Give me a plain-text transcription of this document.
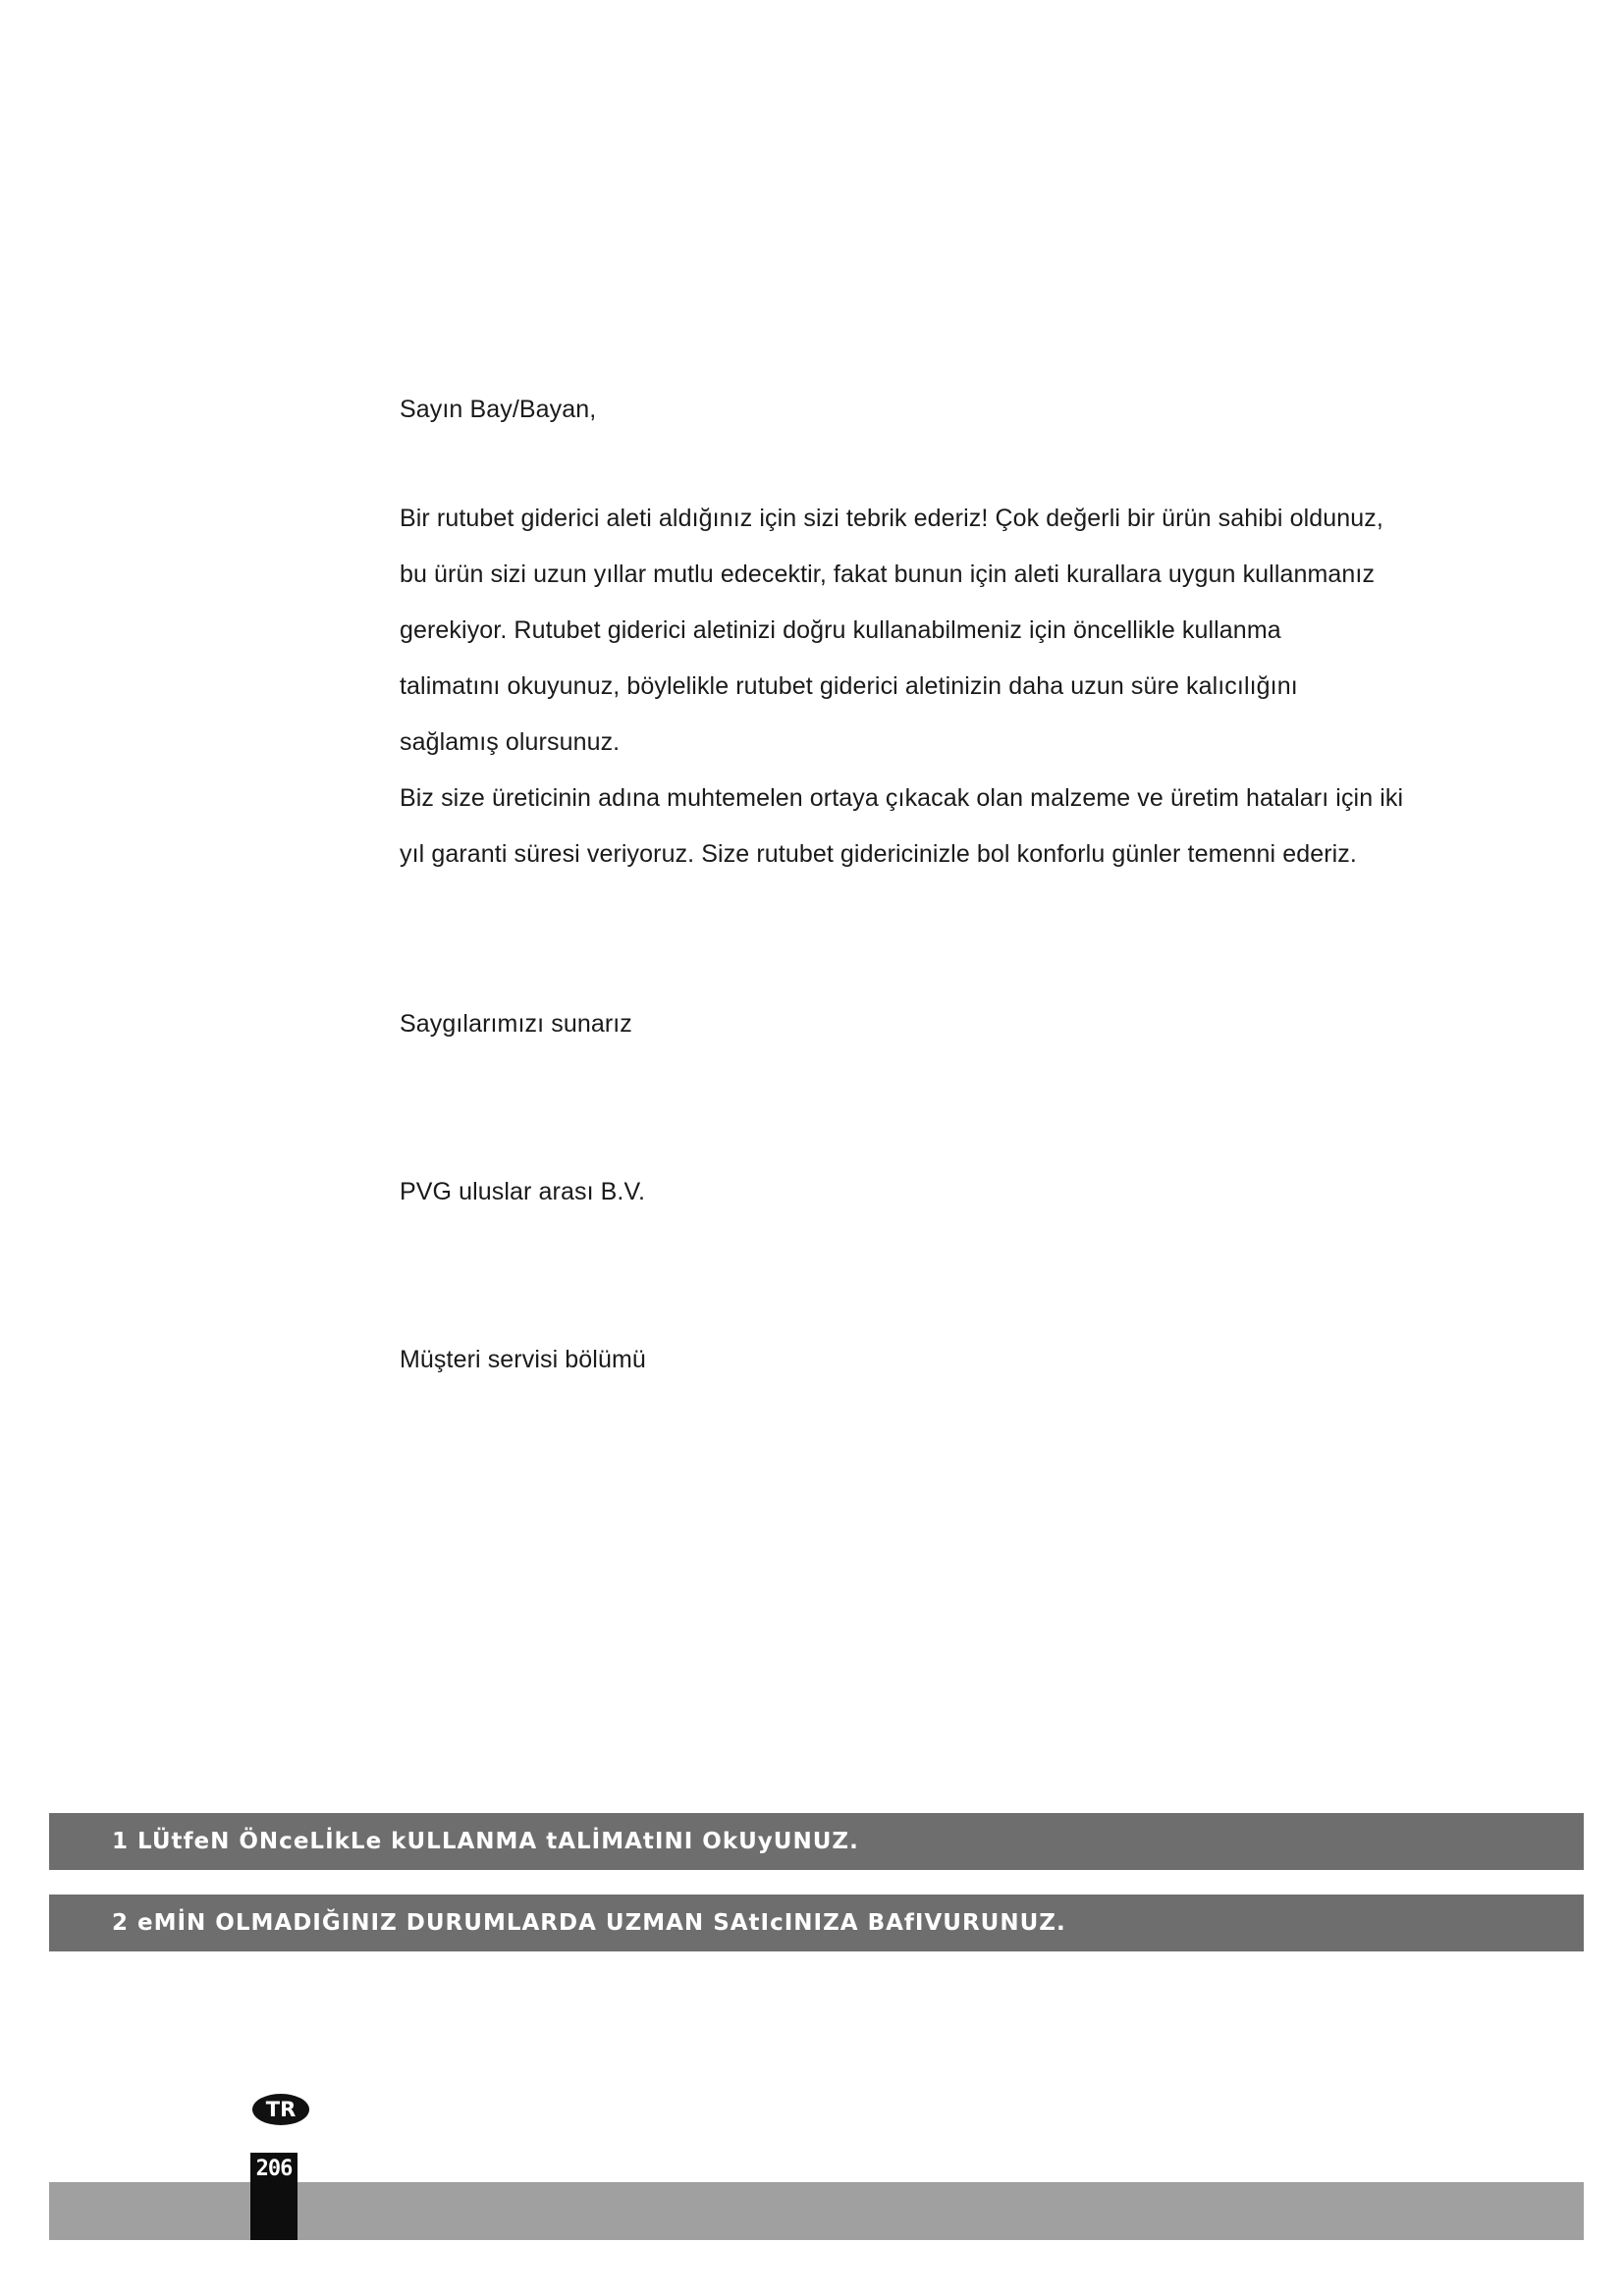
Sayın Bay/Bayan,
Bir rutubet giderici aleti aldığınız için sizi tebrik ederiz! Çok değerli bir ürün sahibi oldunuz,
bu ürün sizi uzun yıllar mutlu edecektir, fakat bunun için aleti kurallara uygun kullanmanız
gerekiyor. Rutubet giderici aletinizi doğru kullanabilmeniz için öncellikle kullanma
talimatını okuyunuz, böylelikle rutubet giderici aletinizin daha uzun süre kalıcılığını
sağlamış olursunuz.
Biz size üreticinin adına muhtemelen ortaya çıkacak olan malzeme ve üretim hataları için iki
yıl garanti süresi veriyoruz. Size rutubet gidericinizle bol konforlu günler temenni ederiz.
Saygılarımızı sunarız
PVG uluslar arası B.V.
Müşteri servisi bölümü
1 LÜtfeN ÖNceLİkLe kULLANMA tALİMAtINI OkUyUNUZ.
2 eMİN OLMADIĞINIZ DURUMLARDA UZMAN SAtIcINIZA BAfIVURUNUZ.
TR
206
